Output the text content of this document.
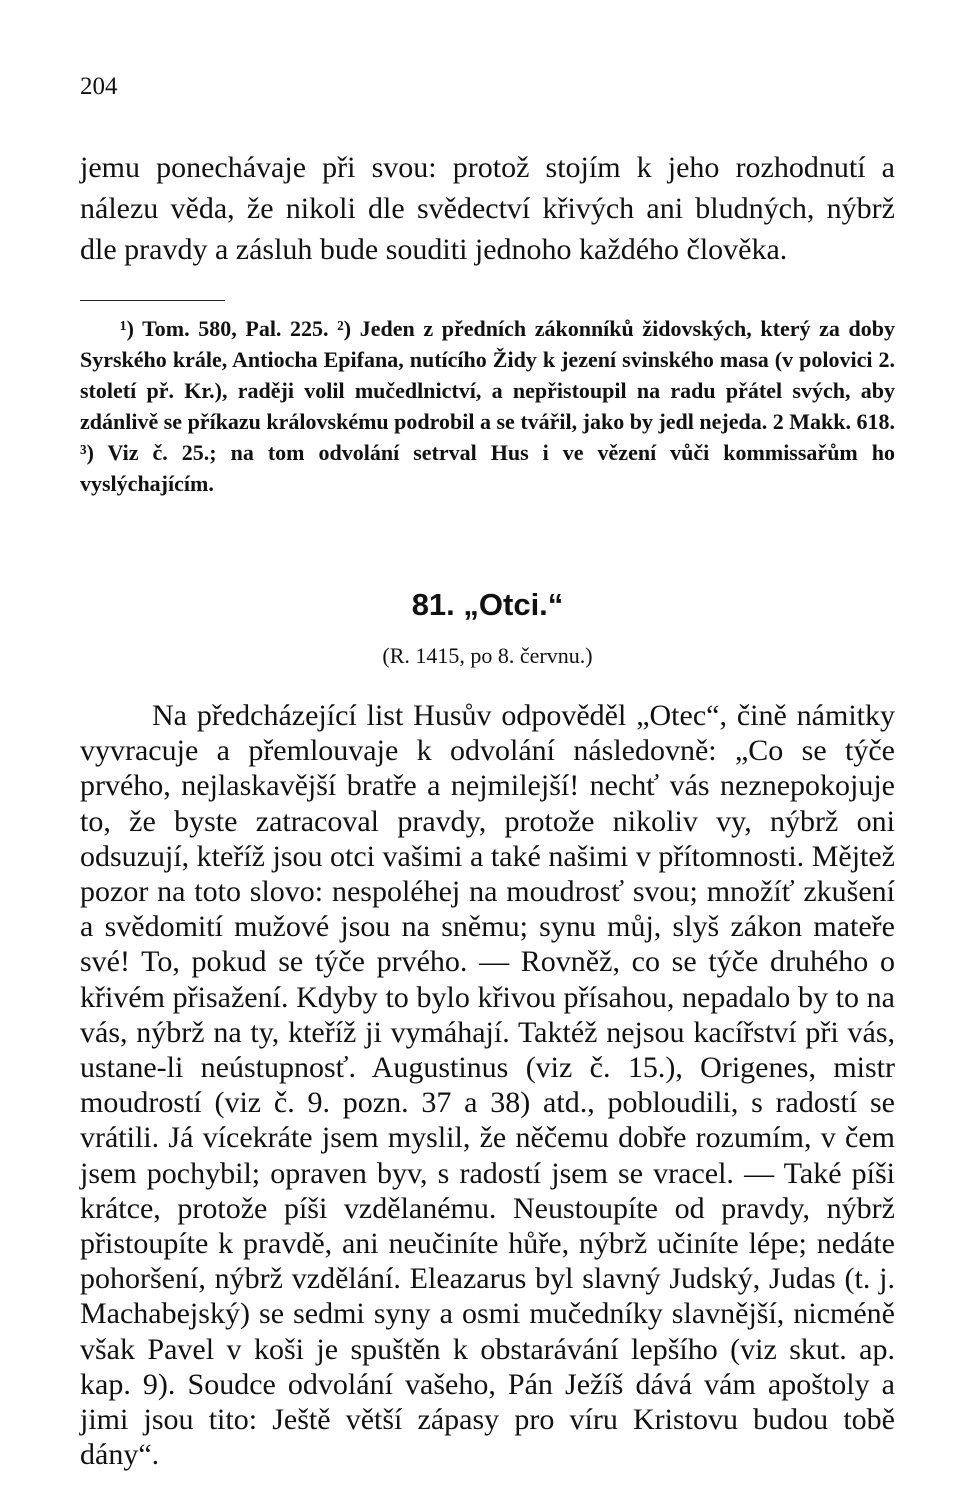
204

jemu ponechávaje při svou: protož stojím k jeho rozhodnutí a nálezu věda, že nikoli dle svědectví křivých ani bludných, nýbrž dle pravdy a zásluh bude souditi jednoho každého člověka.

¹) Tom. 580, Pal. 225. ²) Jeden z předních zákonníků židovských, který za doby Syrského krále, Antiocha Epifana, nutícího Židy k jezení svinského masa (v polovici 2. století př. Kr.), raději volil mučedlnictví, a nepřistoupil na radu přátel svých, aby zdánlivě se příkazu královskému podrobil a se tvářil, jako by jedl nejeda. 2 Makk. 618. ³) Viz č. 25.; na tom odvolání setrval Hus i ve vězení vůči kommissařům ho vyslýchajícím.

81. „Otci.“
(R. 1415, po 8. červnu.)

Na předcházející list Husův odpověděl „Otec“, čině námitky vyvracuje a přemlouvaje k odvolání následovně: „Co se týče prvého, nejlaskavější bratře a nejmilejší! nechť vás neznepokojuje to, že byste zatracoval pravdy, protože nikoliv vy, nýbrž oni odsuzují, kteříž jsou otci vašimi a také našimi v přítomnosti. Mějtež pozor na toto slovo: nespoléhej na moudrosť svou; množíť zkušení a svědomití mužové jsou na sněmu; synu můj, slyš zákon mateře své! To, pokud se týče prvého. — Rovněž, co se týče druhého o křivém přisažení. Kdyby to bylo křivou přísahou, nepadalo by to na vás, nýbrž na ty, kteříž ji vymáhají. Taktéž nejsou kacířství při vás, ustane-li neústupnosť. Augustinus (viz č. 15.), Origenes, mistr moudrostí (viz č. 9. pozn. 37 a 38) atd., pobloudili, s radostí se vrátili. Já vícekráte jsem myslil, že něčemu dobře rozumím, v čem jsem pochybil; opraven byv, s radostí jsem se vracel. — Také píši krátce, protože píši vzdělanému. Neustoupíte od pravdy, nýbrž přistoupíte k pravdě, ani neučiníte hůře, nýbrž učiníte lépe; nedáte pohoršení, nýbrž vzdělání. Eleazarus byl slavný Judský, Judas (t. j. Machabejský) se sedmi syny a osmi mučedníky slavnější, nicméně však Pavel v koši je spuštěn k obstarávání lepšího (viz skut. ap. kap. 9). Soudce odvolání vašeho, Pán Ježíš dává vám apoštoly a jimi jsou tito: Ještě větší zápasy pro víru Kristovu budou tobě dány“.
